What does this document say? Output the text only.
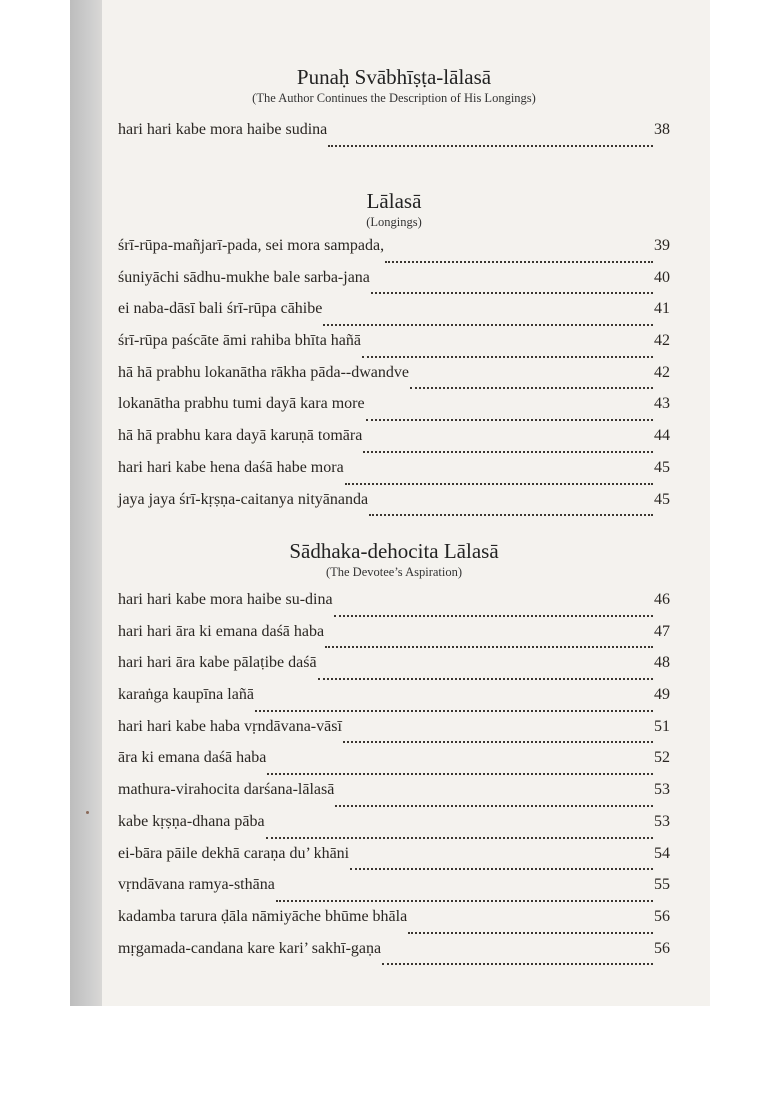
Punaḥ Svābhīṣṭa-lālasā

(The Author Continues the Description of His Longings)

hari hari kabe mora haibe sudina	38
Lālasā

(Longings)

śrī-rūpa-mañjarī-pada, sei mora sampada,	39
śuniyāchi sādhu-mukhe bale sarba-jana	40
ei naba-dāsī bali śrī-rūpa cāhibe	41
śrī-rūpa paścāte āmi rahiba bhīta hañā	42
hā hā prabhu lokanātha rākha pāda--dwandve	42
lokanātha prabhu tumi dayā kara more	43
hā hā prabhu kara dayā karuṇā tomāra	44
hari hari kabe hena daśā habe mora	45
jaya jaya śrī-kṛṣṇa-caitanya nityānanda	45
Sādhaka-dehocita Lālasā

(The Devotee’s Aspiration)

hari hari kabe mora haibe su-dina	46
hari hari āra ki emana daśā haba	47
hari hari āra kabe pālaṭibe daśā	48
karaṅga kaupīna lañā	49
hari hari kabe haba vṛndāvana-vāsī	51
āra ki emana daśā haba	52
mathura-virahocita darśana-lālasā	53
kabe kṛṣṇa-dhana pāba	53
ei-bāra pāile dekhā caraṇa du’ khāni	54
vṛndāvana ramya-sthāna	55
kadamba tarura ḍāla nāmiyāche bhūme bhāla	56
mṛgamada-candana kare kari’ sakhī-gaṇa	56
